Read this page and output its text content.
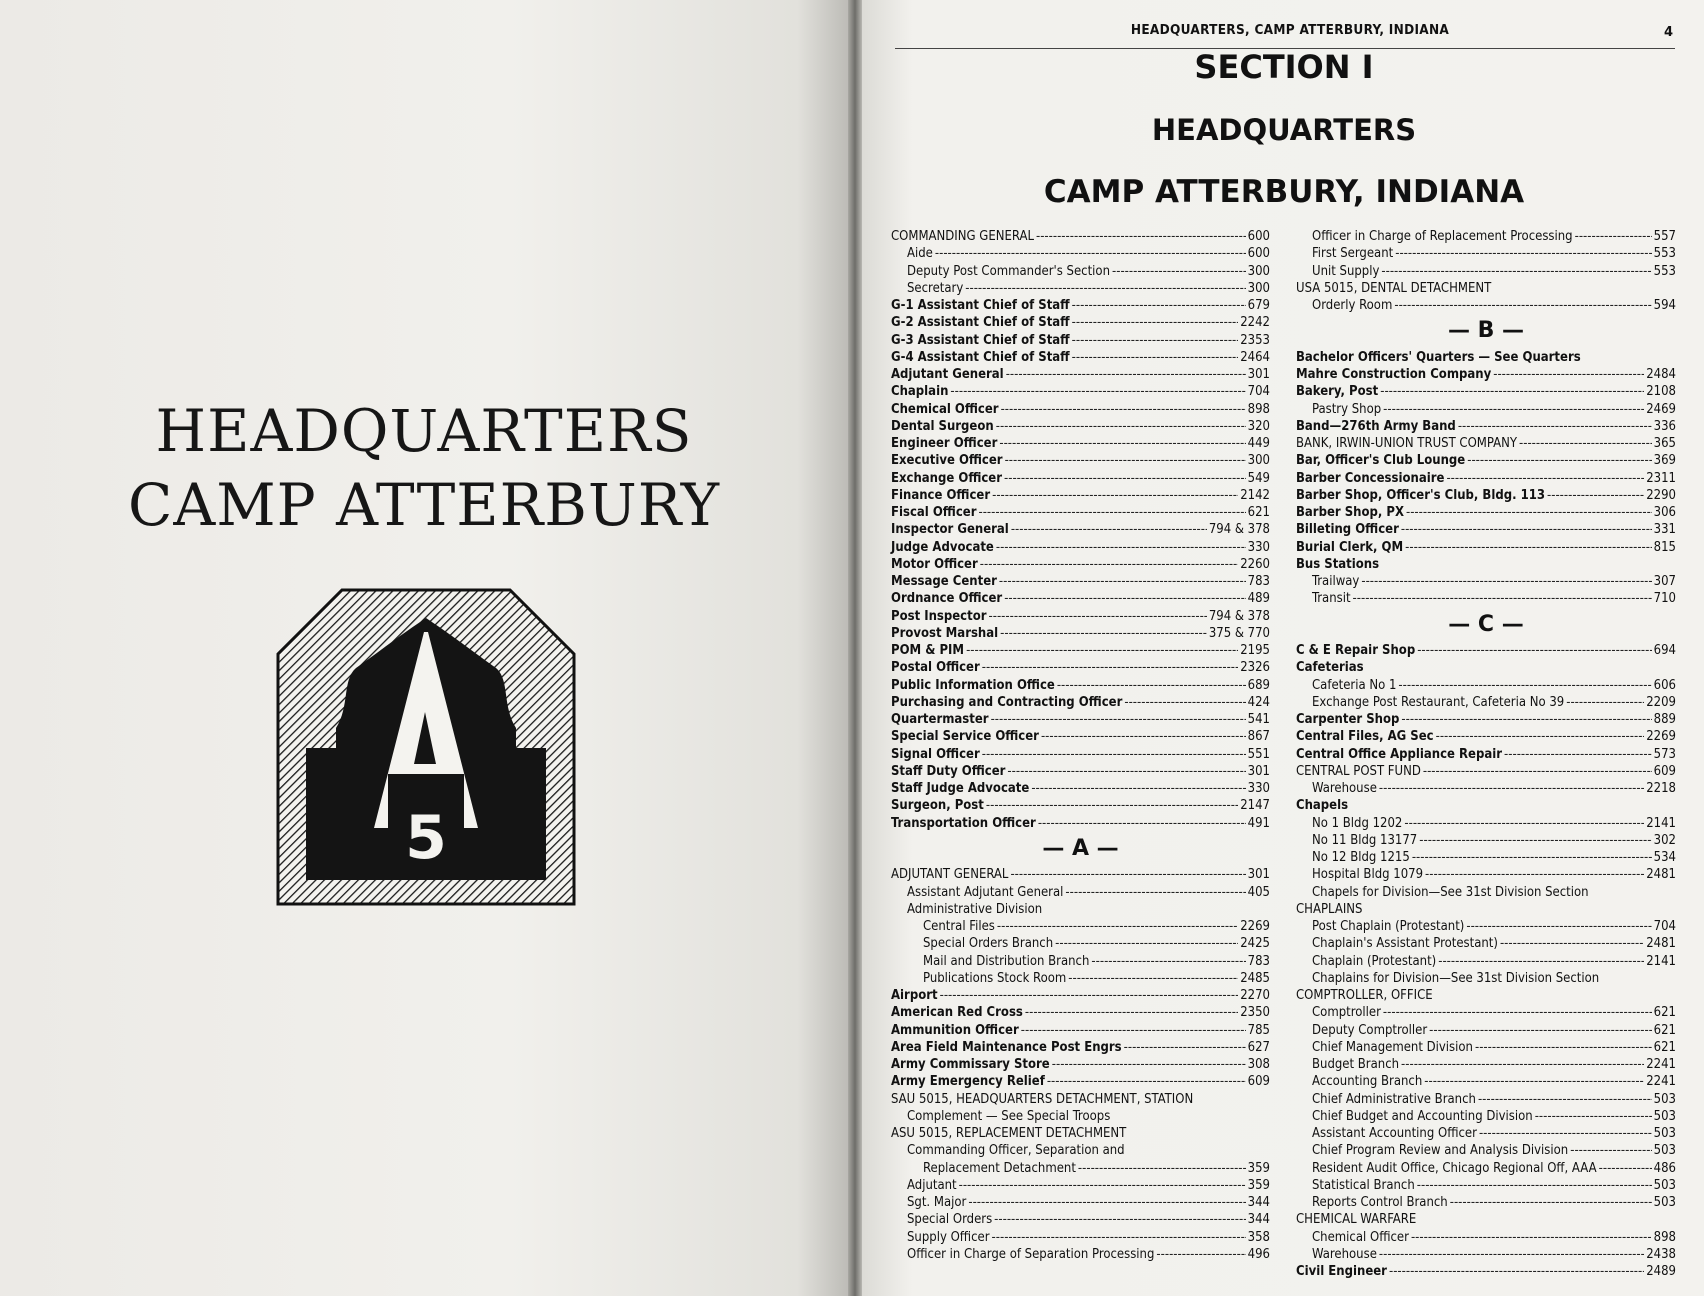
HEADQUARTERS
CAMP ATTERBURY
5
HEADQUARTERS, CAMP ATTERBURY, INDIANA	4
SECTION I
HEADQUARTERS
CAMP ATTERBURY, INDIANA
COMMANDING GENERAL -----	600
Aide -----	600
Deputy Post Commander's Section -----	300
Secretary -----	300
G-1 Assistant Chief of Staff -----	679
G-2 Assistant Chief of Staff -----	2242
G-3 Assistant Chief of Staff -----	2353
G-4 Assistant Chief of Staff -----	2464
Adjutant General -----	301
Chaplain -----	704
Chemical Officer -----	898
Dental Surgeon -----	320
Engineer Officer -----	449
Executive Officer -----	300
Exchange Officer -----	549
Finance Officer -----	2142
Fiscal Officer -----	621
Inspector General -----	794 & 378
Judge Advocate -----	330
Motor Officer -----	2260
Message Center -----	783
Ordnance Officer -----	489
Post Inspector -----	794 & 378
Provost Marshal -----	375 & 770
POM & PIM -----	2195
Postal Officer -----	2326
Public Information Office -----	689
Purchasing and Contracting Officer -----	424
Quartermaster -----	541
Special Service Officer -----	867
Signal Officer -----	551
Staff Duty Officer -----	301
Staff Judge Advocate -----	330
Surgeon, Post -----	2147
Transportation Officer -----	491
— A —
ADJUTANT GENERAL -----	301
Assistant Adjutant General -----	405
Administrative Division
Central Files -----	2269
Special Orders Branch -----	2425
Mail and Distribution Branch -----	783
Publications Stock Room -----	2485
Airport -----	2270
American Red Cross -----	2350
Ammunition Officer -----	785
Area Field Maintenance Post Engrs -----	627
Army Commissary Store -----	308
Army Emergency Relief -----	609
SAU 5015, HEADQUARTERS DETACHMENT, STATION
Complement — See Special Troops
ASU 5015, REPLACEMENT DETACHMENT
Commanding Officer, Separation and
Replacement Detachment -----	359
Adjutant -----	359
Sgt. Major -----	344
Special Orders -----	344
Supply Officer -----	358
Officer in Charge of Separation Processing -----	496
Officer in Charge of Replacement Processing -----	557
First Sergeant -----	553
Unit Supply -----	553
USA 5015, DENTAL DETACHMENT
Orderly Room -----	594
— B —
Bachelor Officers' Quarters — See Quarters
Mahre Construction Company -----	2484
Bakery, Post -----	2108
Pastry Shop -----	2469
Band—276th Army Band -----	336
BANK, IRWIN-UNION TRUST COMPANY -----	365
Bar, Officer's Club Lounge -----	369
Barber Concessionaire -----	2311
Barber Shop, Officer's Club, Bldg. 113 -----	2290
Barber Shop, PX -----	306
Billeting Officer -----	331
Burial Clerk, QM -----	815
Bus Stations
Trailway -----	307
Transit -----	710
— C —
C & E Repair Shop -----	694
Cafeterias
Cafeteria No 1 -----	606
Exchange Post Restaurant, Cafeteria No 39 -----	2209
Carpenter Shop -----	889
Central Files, AG Sec -----	2269
Central Office Appliance Repair -----	573
CENTRAL POST FUND -----	609
Warehouse -----	2218
Chapels
No 1 Bldg 1202 -----	2141
No 11 Bldg 13177 -----	302
No 12 Bldg 1215 -----	534
Hospital Bldg 1079 -----	2481
Chapels for Division—See 31st Division Section
CHAPLAINS
Post Chaplain (Protestant) -----	704
Chaplain's Assistant Protestant) -----	2481
Chaplain (Protestant) -----	2141
Chaplains for Division—See 31st Division Section
COMPTROLLER, OFFICE
Comptroller -----	621
Deputy Comptroller -----	621
Chief Management Division -----	621
Budget Branch -----	2241
Accounting Branch -----	2241
Chief Administrative Branch -----	503
Chief Budget and Accounting Division -----	503
Assistant Accounting Officer -----	503
Chief Program Review and Analysis Division -----	503
Resident Audit Office, Chicago Regional Off, AAA -----	486
Statistical Branch -----	503
Reports Control Branch -----	503
CHEMICAL WARFARE
Chemical Officer -----	898
Warehouse -----	2438
Civil Engineer -----	2489
